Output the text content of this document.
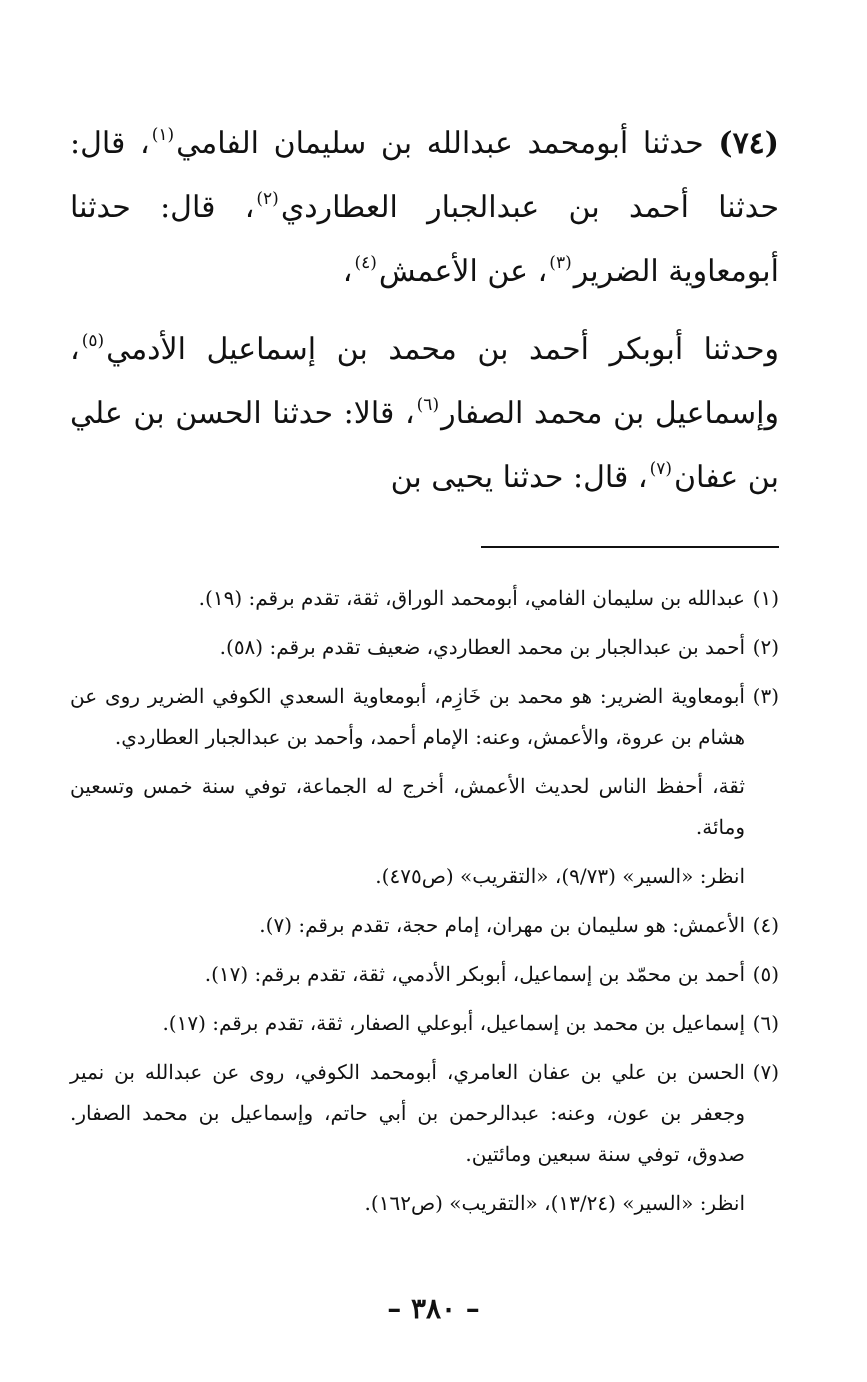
(٧٤) حدثنا أبومحمد عبدالله بن سليمان الفامي$^{(١)}$، قال: حدثنا أحمد بن عبدالجبار العطاردي$^{(٢)}$، قال: حدثنا أبومعاوية الضرير$^{(٣)}$، عن الأعمش$^{(٤)}$،

وحدثنا أبوبكر أحمد بن محمد بن إسماعيل الأدمي$^{(٥)}$، وإسماعيل بن محمد الصفار$^{(٦)}$، قالا: حدثنا الحسن بن علي بن عفان$^{(٧)}$، قال: حدثنا يحيى بن

(١)
عبدالله بن سليمان الفامي، أبومحمد الوراق، ثقة، تقدم برقم: (١٩).
(٢)
أحمد بن عبدالجبار بن محمد العطاردي، ضعيف تقدم برقم: (٥٨).
(٣)
أبومعاوية الضرير: هو محمد بن خَازِم، أبومعاوية السعدي الكوفي الضرير روى عن هشام بن عروة، والأعمش، وعنه: الإمام أحمد، وأحمد بن عبدالجبار العطاردي.
ثقة، أحفظ الناس لحديث الأعمش، أخرج له الجماعة، توفي سنة خمس وتسعين ومائة.
انظر: «السير» (٩/٧٣)، «التقريب» (ص٤٧٥).
(٤)
الأعمش: هو سليمان بن مهران، إمام حجة، تقدم برقم: (٧).
(٥)
أحمد بن محمّد بن إسماعيل، أبوبكر الأدمي، ثقة، تقدم برقم: (١٧).
(٦)
إسماعيل بن محمد بن إسماعيل، أبوعلي الصفار، ثقة، تقدم برقم: (١٧).
(٧)
الحسن بن علي بن عفان العامري، أبومحمد الكوفي، روى عن عبدالله بن نمير وجعفر بن عون، وعنه: عبدالرحمن بن أبي حاتم، وإسماعيل بن محمد الصفار. صدوق، توفي سنة سبعين ومائتين.
انظر: «السير» (١٣/٢٤)، «التقريب» (ص١٦٢).
– ٣٨٠ –
